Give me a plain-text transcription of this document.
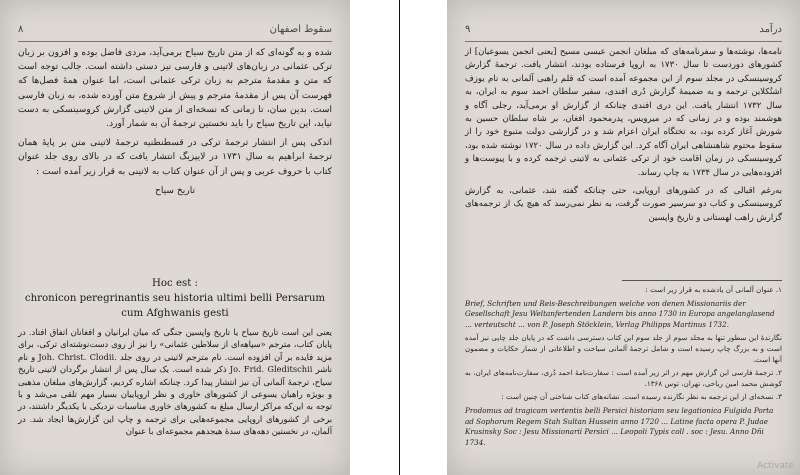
۸	سقوط اصفهان

شده و به گونه‌ای که از متن تاریخ سیاح برمی‌آید، مردی فاضل بوده و افزون بر زبان ترکی عثمانی در زبان‌های لاتینی و فارسی نیز دستی داشته است. جالب توجه است که متن و مقدمهٔ مترجم به زبان ترکی عثمانی است، اما عنوان همهٔ فصل‌ها که فهرست آن پس از مقدمهٔ مترجم و پیش از شروع متن آورده شده، به زبان فارسی است. بدین سان، تا زمانی که نسخه‌ای از متن لاتینی گزارش کروسینسکی به دست نیاید، این تاریخ سیاح را باید نخستین ترجمهٔ آن به شمار آورد.

اندکی پس از انتشار ترجمهٔ ترکی در قسطنطنیه ترجمهٔ لاتینی متن بر پایهٔ همان ترجمهٔ ابراهیم به سال ۱۷۳۱ در لایپزیگ انتشار یافت که در بالای روی جلد عنوان کتاب با حروف عربی و پس از آن عنوان کتاب به لاتینی به قرار زیر آمده است :

تاریخ سیاح

Hoc est :
chronicon peregrinantis seu historia ultimi belli Persarum
cum Afghwanis gesti

یعنی این است تاریخ سیاح یا تاریخ واپسین جنگی که میان ایرانیان و افغانان اتفاق افتاد. در پایان کتاب، مترجم «سپاهه‌ای از سلاطین عثمانی» را نیز از روی دست‌نوشته‌ای ترکی، برای مزید فایده بر آن افزوده است. نام مترجم لاتینی در روی جلد .Joh. Christ. Clodii و نام ناشر Jo. Frid. Gleditschii ذکر شده است. یک سال پس از انتشار برگردان لاتینی تاریخ سیاح، ترجمهٔ آلمانی آن نیز انتشار پیدا کرد. چنانکه اشاره کردیم، گزارش‌های مبلغان مذهبی و بویژه راهبان یسوعی از کشورهای خاوری و نظر اروپاییان بسیار مهم تلقی می‌شد و با توجه به این‌که مراکز ارسال مبلغ به کشورهای خاوری مناسبات نزدیکی با یکدیگر داشتند، در برخی از کشورهای اروپایی مجموعه‌هایی برای ترجمه و چاپ این گزارش‌ها ایجاد شد. در آلمان، در نخستین دهه‌های سدهٔ هیجدهم مجموعه‌ای با عنوان

۹	درآمد

نامه‌ها، نوشته‌ها و سفرنامه‌های که مبلغان انجمن عیسی مسیح [یعنی انجمن یسوعیان] از کشورهای دوردست تا سال ۱۷۳۰ به اروپا فرستاده بودند، انتشار یافت. ترجمهٔ گزارش کروسینسکی در مجلد سوم از این مجموعه آمده است که قلم راهبی آلمانی به نام یوزف اشتُکلاین ترجمه و به ضمیمهٔ گزارش دُری افندی، سفیر سلطان احمد سوم به ایران، به سال ۱۷۳۲ انتشار یافت. این دری افندی چنانکه از گزارش او برمی‌آید، رجلی آگاه و هوشمند بوده و در زمانی که در میرویس، پدرمحمود افغان، بر شاه سلطان حسین به شورش آغاز کرده بود، به تختگاه ایران اعزام شد و در گزارشی دولت متبوع خود را از سقوط محتوم شاهنشاهی ایران آگاه کرد. این گزارش داده در سال ۱۷۲۰ نوشته شده بود، کروسینسکی در زمان اقامت خود از ترکی عثمانی به لاتینی ترجمه کرده و با پیوست‌ها و افزوده‌هایی در سال ۱۷۳۴ به چاپ رساند.

به‌رغم اقبالی که در کشورهای اروپایی، حتی چنانکه گفته شد، عثمانی، به گزارش کروسینسکی و کتاب دو سرسیر صورت گرفت، به نظر نمی‌رسد که هیچ یک از ترجمه‌های گزارش راهب لهستانی و تاریخ واپسین

۱. عنوان آلمانی آن یادشده به قرار زیر است :

Brief, Schriften und Reis-Beschreibungen welche von denen Missionariis der Gesellschaft Jesu Weltanfertenden Landern bis anno 1730 in Europa angelanglasend ... verteutscht ... von P. Joseph Stöcklein, Verlag Philipps Martinus 1732.

نگارندهٔ این سطور تنها به مجلد سوم از جلد سوم این کتاب دسترسی داشت که در پایان جلد چاپی نیز آمده است و به بزرگ چاپ رسیده است و شامل ترجمهٔ آلمانی سیاحت و اطلاعاتی از شمار حکایات و مضمون آنها است.

۲. ترجمهٔ فارسی این گزارش مهم در اثر زیر آمده است : سفارت‌نامهٔ احمد دُری‌، سفارت‌نامه‌های ایران، به کوشش محمد امین ریاحی، تهران، توس ۱۳۶۸.

۳. نسخه‌ای از این ترجمه به نظر نگارنده رسیده است. نشانه‌های کتاب شناختی آن چنین است :

Prodomus ad tragicam vertentis belli Persici historiam seu legationica Fulgida Porta ad Sophorum Regem Stah Sultan Hussein anno 1720 ... Latine facta opera P. Judae Krusinsky Soc : Jesu Missionarii Persici ... Leopoli Typis coll . soc : Jesu. Anno Dñi 1734.

Activate
